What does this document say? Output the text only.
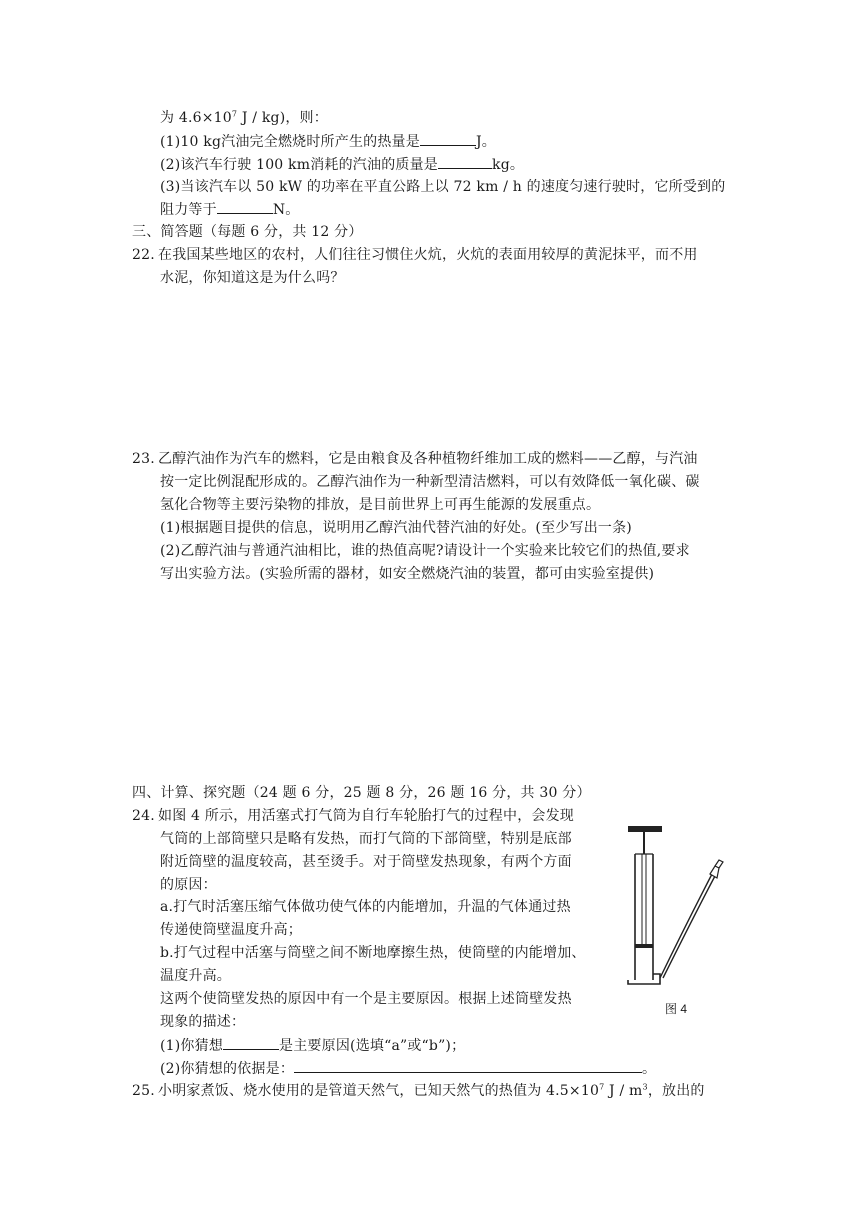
为 $4.6\times 10^7$ J / kg)，则：
(1)10 kg汽油完全燃烧时所产生的热量是	J。
(2)该汽车行驶 100 km消耗的汽油的质量是	kg。
(3)当该汽车以 50 kW 的功率在平直公路上以 72 km / h 的速度匀速行驶时，它所受到的
阻力等于	N。
三、简答题（每题 6 分，共 12 分）
22. 在我国某些地区的农村，人们往往习惯住火炕，火炕的表面用较厚的黄泥抹平，而不用
水泥，你知道这是为什么吗？
23. 乙醇汽油作为汽车的燃料，它是由粮食及各种植物纤维加工成的燃料——乙醇，与汽油
按一定比例混配形成的。乙醇汽油作为一种新型清洁燃料，可以有效降低一氧化碳、碳
氢化合物等主要污染物的排放，是目前世界上可再生能源的发展重点。
(1)根据题目提供的信息，说明用乙醇汽油代替汽油的好处。(至少写出一条)
(2)乙醇汽油与普通汽油相比，谁的热值高呢?请设计一个实验来比较它们的热值,要求
写出实验方法。(实验所需的器材，如安全燃烧汽油的装置，都可由实验室提供)
四、计算、探究题（24 题 6 分，25 题 8 分，26 题 16 分，共 30 分）
24. 如图 4 所示，用活塞式打气筒为自行车轮胎打气的过程中，会发现
气筒的上部筒壁只是略有发热，而打气筒的下部筒壁，特别是底部
附近筒壁的温度较高，甚至烫手。对于筒壁发热现象，有两个方面
的原因：
a.打气时活塞压缩气体做功使气体的内能增加，升温的气体通过热
传递使筒壁温度升高；
b.打气过程中活塞与筒壁之间不断地摩擦生热，使筒壁的内能增加、
温度升高。
这两个使筒壁发热的原因中有一个是主要原因。根据上述筒壁发热
现象的描述：
(1)你猜想	是主要原因(选填“a”或“b”)；
(2)你猜想的依据是：	。
图 4
25. 小明家煮饭、烧水使用的是管道天然气，已知天然气的热值为 $4.5\times 10^7$ J / $m^3$，放出的
